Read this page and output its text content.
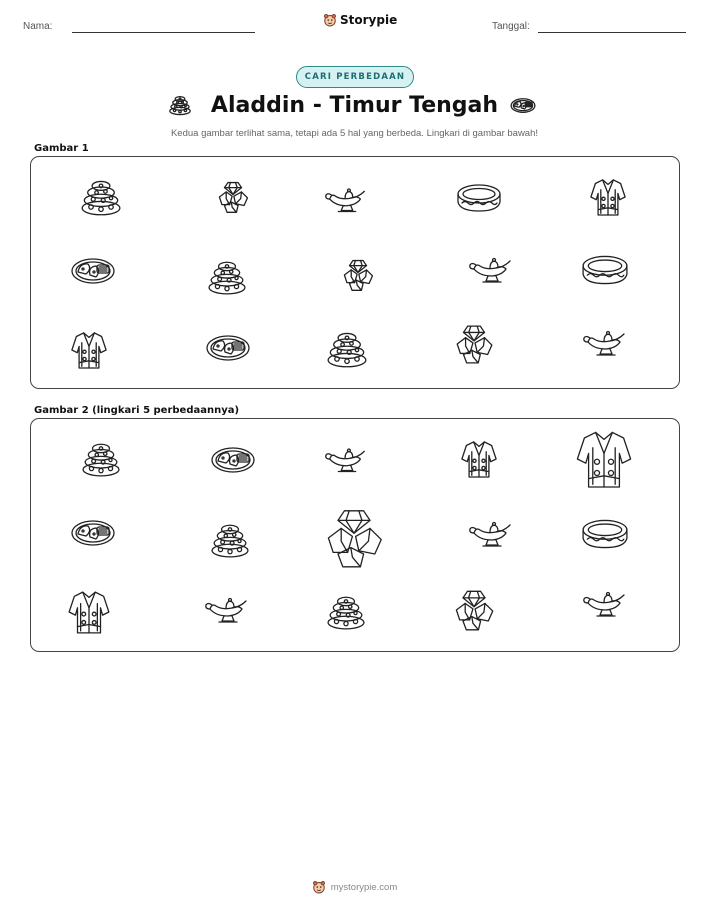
Nama:	Storypie	Tanggal:
CARI PERBEDAAN
Aladdin - Timur Tengah
Kedua gambar terlihat sama, tetapi ada 5 hal yang berbeda. Lingkari di gambar bawah!
Gambar 1
Gambar 2 (lingkari 5 perbedaannya)
mystorypie.com
